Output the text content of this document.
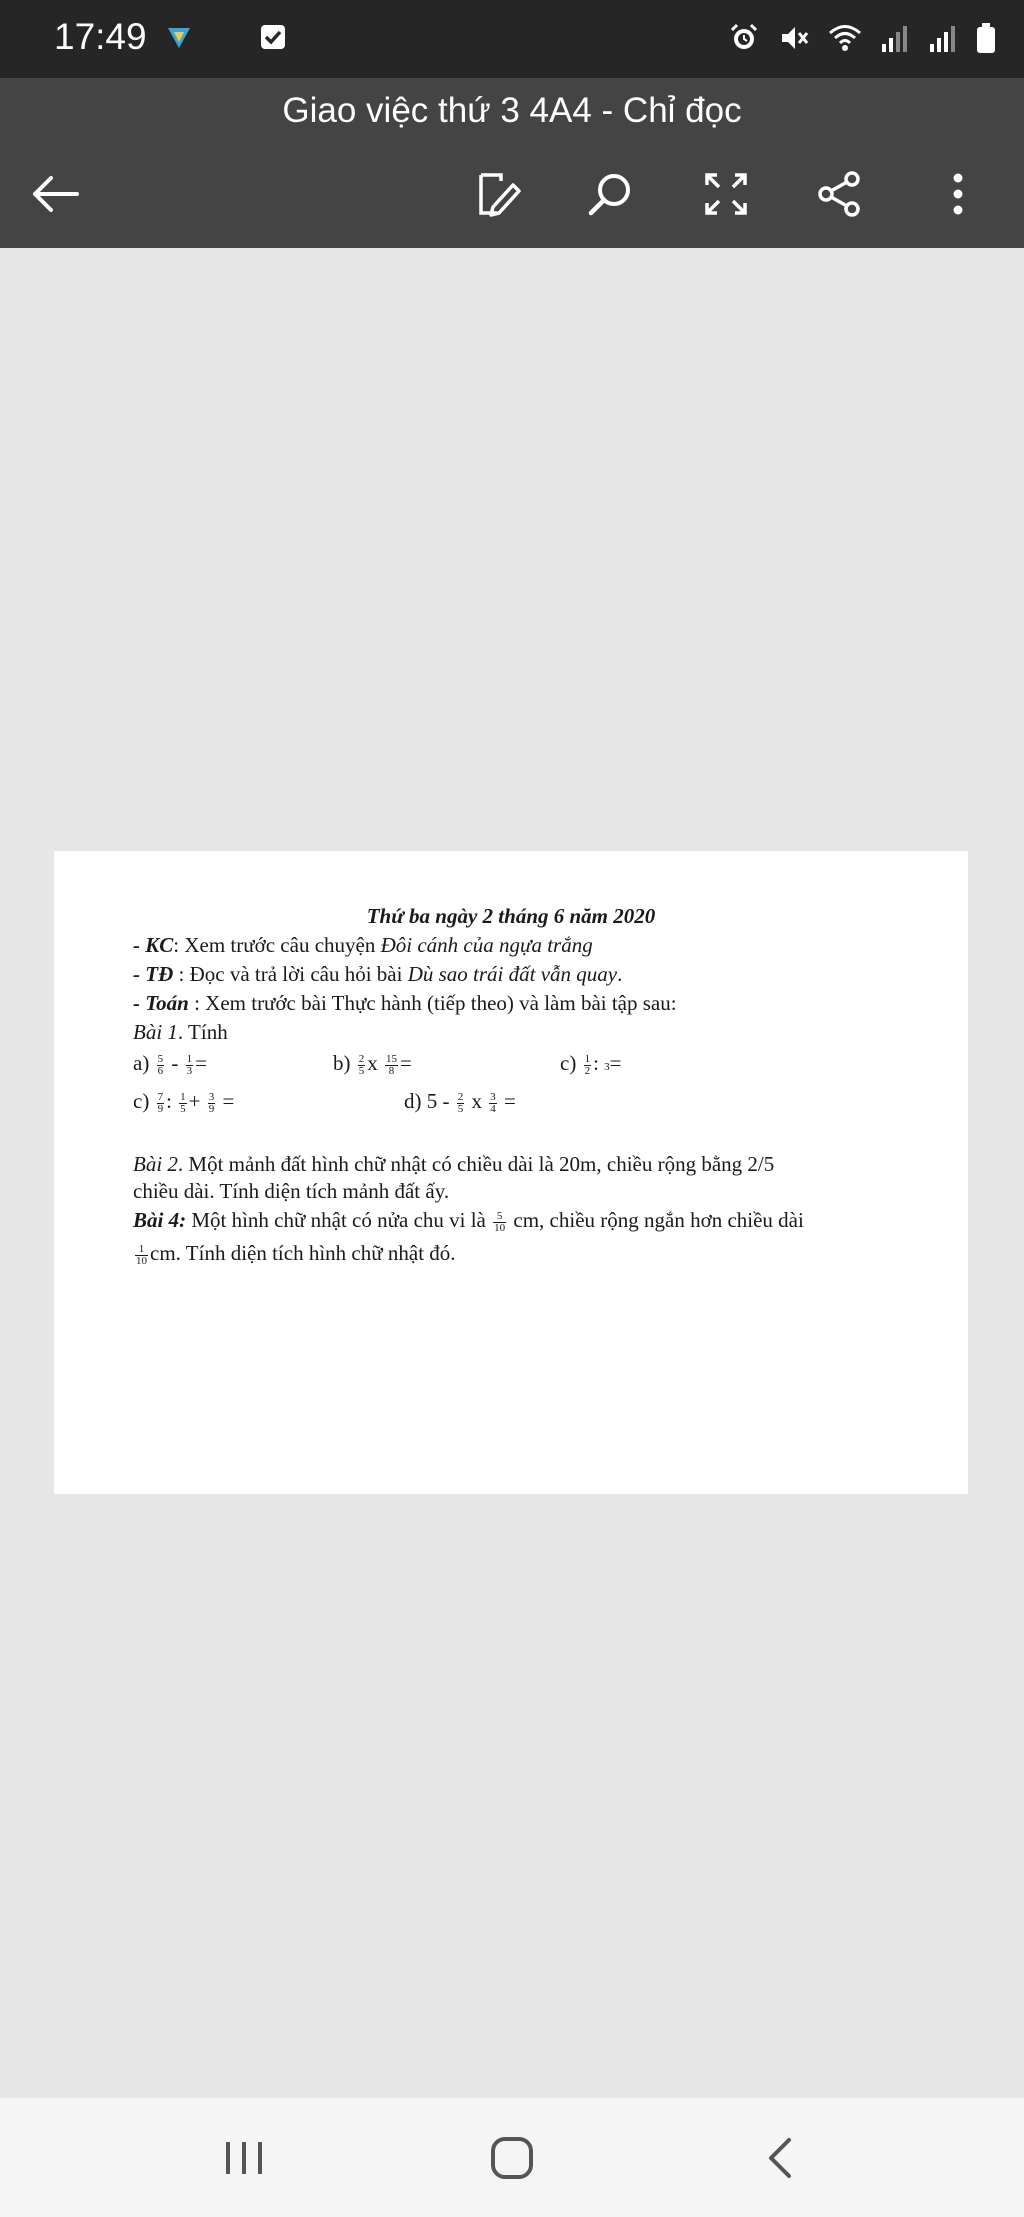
17:49
Giao việc thứ 3 4A4 - Chỉ đọc
Thứ ba ngày 2 tháng 6 năm 2020
- KC: Xem trước câu chuyện Đôi cánh của ngựa trắng
- TĐ : Đọc và trả lời câu hỏi bài Dù sao trái đất vẫn quay.
- Toán : Xem trước bài Thực hành (tiếp theo) và làm bài tập sau:
Bài 1. Tính
$a) \frac{5}{6} - \frac{1}{3}$ =	$b) \frac{2}{5}$ x $\frac{15}{8}$ =	$c) \frac{1}{2}$ : 3=
$c) \frac{7}{9}$ : $\frac{1}{5} + \frac{3}{9}$ =	d) $5 - \frac{2}{5}$ x $\frac{3}{4}$ =
Bài 2. Một mảnh đất hình chữ nhật có chiều dài là 20m, chiều rộng bằng 2/5
chiều dài. Tính diện tích mảnh đất ấy.
Bài 4: Một hình chữ nhật có nửa chu vi là $\frac{5}{10}$ cm, chiều rộng ngắn hơn chiều dài
$\frac{1}{10}$ cm. Tính diện tích hình chữ nhật đó.
